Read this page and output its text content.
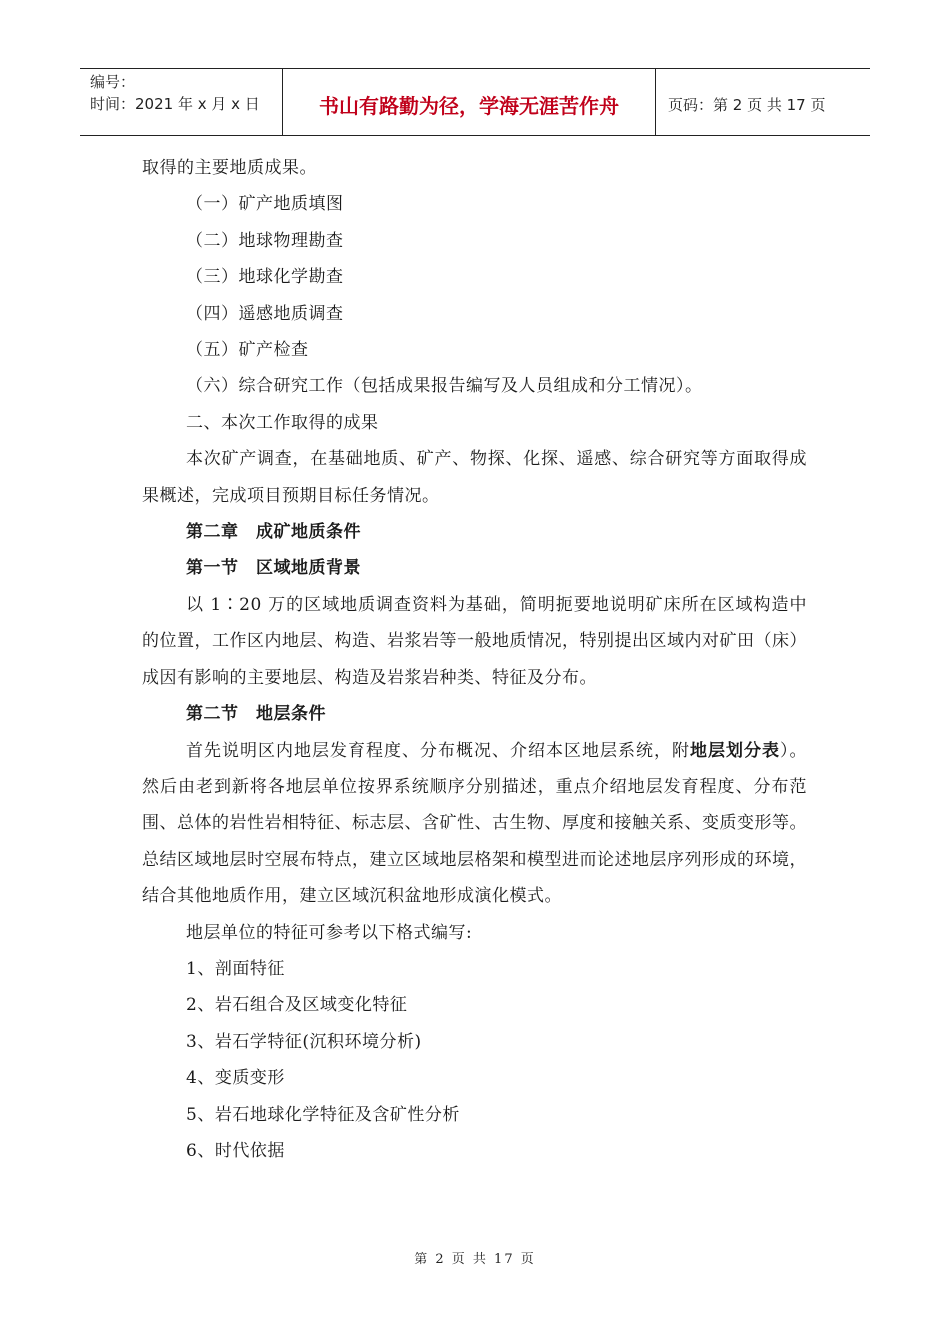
编号：
时间：2021 年 x 月 x 日	书山有路勤为径，学海无涯苦作舟	页码：第 2 页 共 17 页

取得的主要地质成果。

（一）矿产地质填图

（二）地球物理勘查

（三）地球化学勘查

（四）遥感地质调查

（五）矿产检查

（六）综合研究工作（包括成果报告编写及人员组成和分工情况）。

二、本次工作取得的成果

本次矿产调查，在基础地质、矿产、物探、化探、遥感、综合研究等方面取得成果概述，完成项目预期目标任务情况。

第二章　成矿地质条件

第一节　区域地质背景

以 1∶20 万的区域地质调查资料为基础，简明扼要地说明矿床所在区域构造中的位置，工作区内地层、构造、岩浆岩等一般地质情况，特别提出区域内对矿田（床）成因有影响的主要地层、构造及岩浆岩种类、特征及分布。

第二节　地层条件

首先说明区内地层发育程度、分布概况、介绍本区地层系统，附地层划分表）。然后由老到新将各地层单位按界系统顺序分别描述，重点介绍地层发育程度、分布范围、总体的岩性岩相特征、标志层、含矿性、古生物、厚度和接触关系、变质变形等。总结区域地层时空展布特点，建立区域地层格架和模型进而论述地层序列形成的环境，结合其他地质作用，建立区域沉积盆地形成演化模式。

地层单位的特征可参考以下格式编写:

1、剖面特征

2、岩石组合及区域变化特征

3、岩石学特征(沉积环境分析)

4、变质变形

5、岩石地球化学特征及含矿性分析

6、时代依据

第 2 页 共 17 页
